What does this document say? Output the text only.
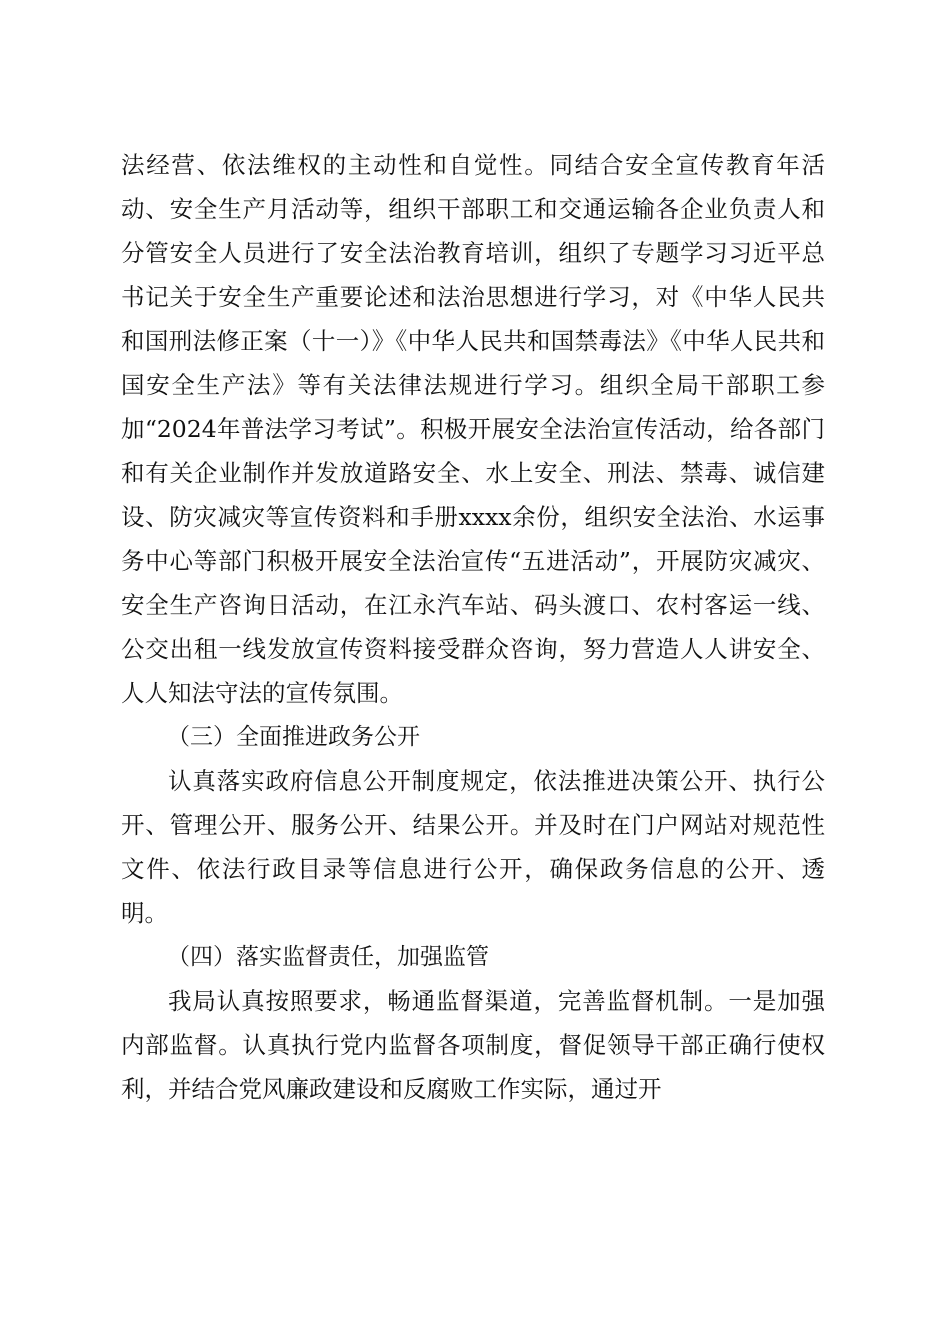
法经营、依法维权的主动性和自觉性。同结合安全宣传教育年活动、安全生产月活动等，组织干部职工和交通运输各企业负责人和分管安全人员进行了安全法治教育培训，组织了专题学习习近平总书记关于安全生产重要论述和法治思想进行学习，对《中华人民共和国刑法修正案（十一）》《中华人民共和国禁毒法》《中华人民共和国安全生产法》等有关法律法规进行学习。组织全局干部职工参加“2024年普法学习考试”。积极开展安全法治宣传活动，给各部门和有关企业制作并发放道路安全、水上安全、刑法、禁毒、诚信建设、防灾减灾等宣传资料和手册xxxx余份，组织安全法治、水运事务中心等部门积极开展安全法治宣传“五进活动”，开展防灾减灾、安全生产咨询日活动，在江永汽车站、码头渡口、农村客运一线、公交出租一线发放宣传资料接受群众咨询，努力营造人人讲安全、人人知法守法的宣传氛围。

（三）全面推进政务公开

认真落实政府信息公开制度规定，依法推进决策公开、执行公开、管理公开、服务公开、结果公开。并及时在门户网站对规范性文件、依法行政目录等信息进行公开，确保政务信息的公开、透明。

（四）落实监督责任，加强监管

我局认真按照要求，畅通监督渠道，完善监督机制。一是加强内部监督。认真执行党内监督各项制度，督促领导干部正确行使权利，并结合党风廉政建设和反腐败工作实际，通过开
